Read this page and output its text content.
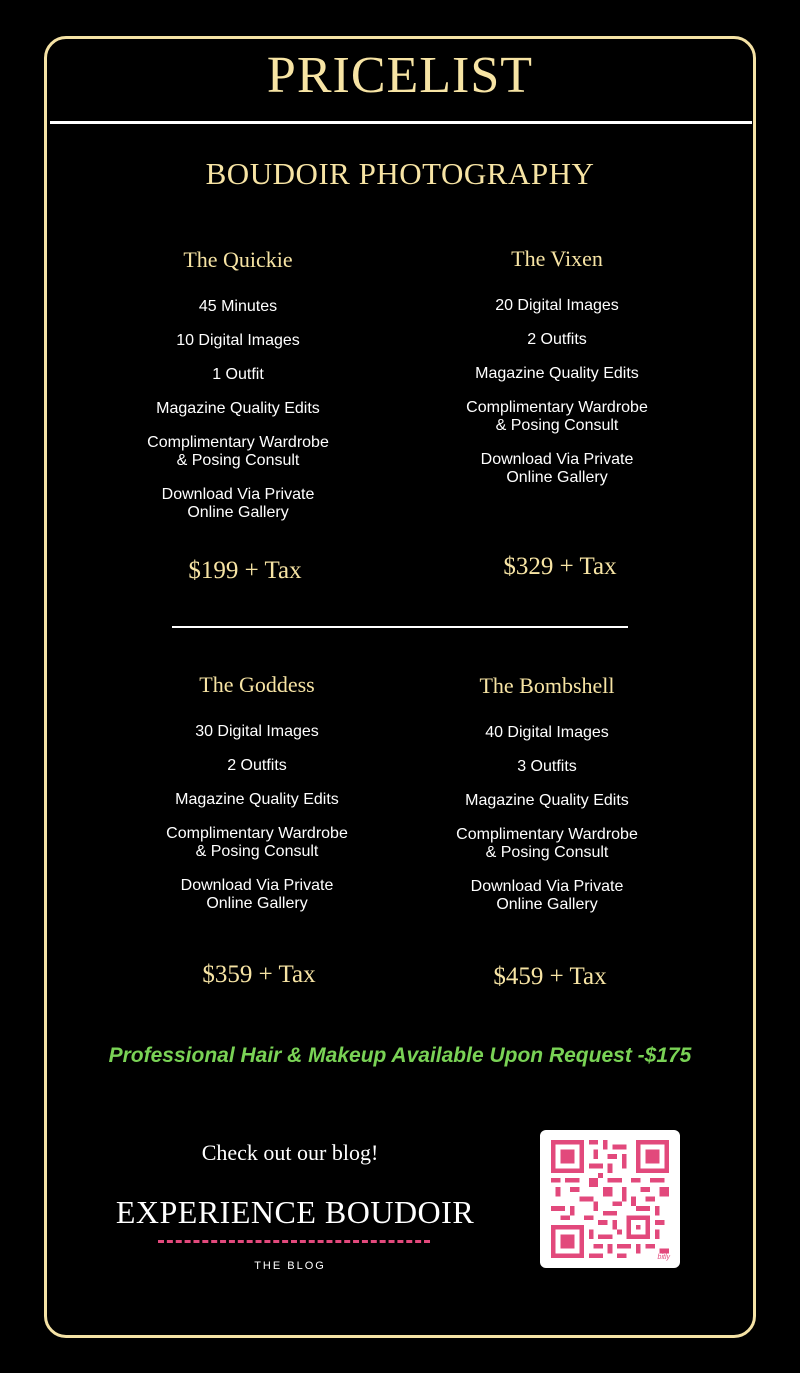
PRICELIST
BOUDOIR PHOTOGRAPHY
The Quickie
45 Minutes
10 Digital Images
1 Outfit
Magazine Quality Edits
Complimentary Wardrobe
& Posing Consult
Download Via Private
Online Gallery
$199 + Tax
The Vixen
20 Digital Images
2 Outfits
Magazine Quality Edits
Complimentary Wardrobe
& Posing Consult
Download Via Private
Online Gallery
$329 + Tax
The Goddess
30 Digital Images
2 Outfits
Magazine Quality Edits
Complimentary Wardrobe
& Posing Consult
Download Via Private
Online Gallery
$359 + Tax
The Bombshell
40 Digital Images
3 Outfits
Magazine Quality Edits
Complimentary Wardrobe
& Posing Consult
Download Via Private
Online Gallery
$459 + Tax
Professional Hair & Makeup Available Upon Request -$175
Check out our blog!
EXPERIENCE BOUDOIR
THE BLOG
bitly
